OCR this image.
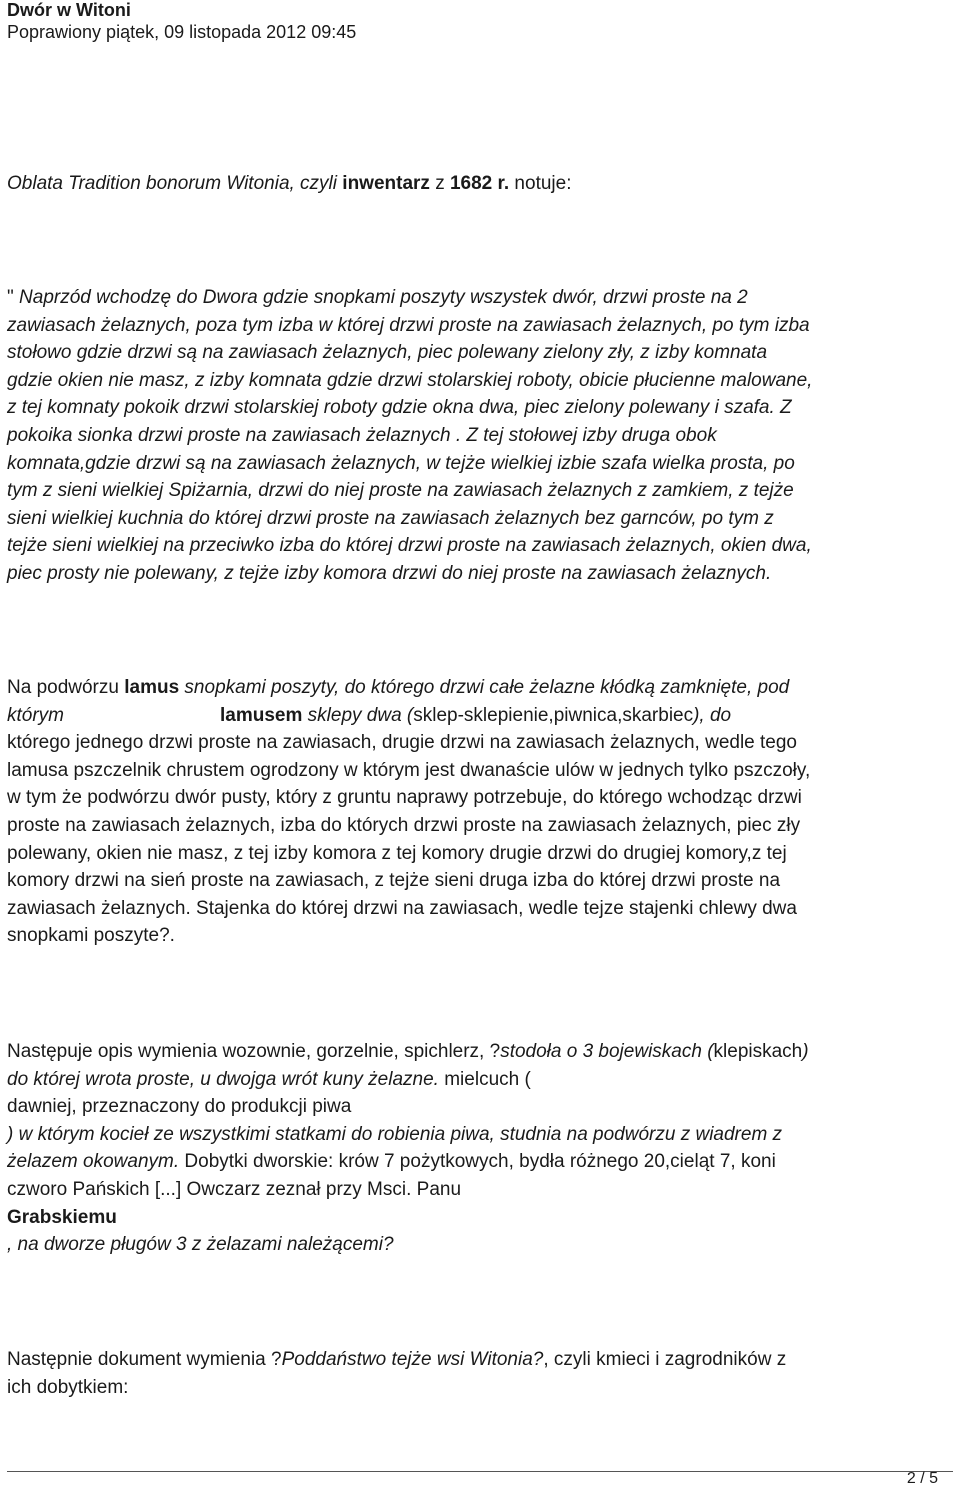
Dwór w Witoni
Poprawiony piątek, 09 listopada 2012 09:45
Oblata Tradition bonorum Witonia, czyli inwentarz z 1682 r. notuje:
" Naprzód wchodzę do Dwora gdzie snopkami poszyty wszystek dwór, drzwi proste na 2
zawiasach żelaznych, poza tym izba w której drzwi proste na zawiasach żelaznych, po tym izba
stołowo gdzie drzwi są na zawiasach żelaznych, piec polewany zielony zły, z izby komnata
gdzie okien nie masz, z izby komnata gdzie drzwi stolarskiej roboty, obicie płucienne malowane,
z tej komnaty pokoik drzwi stolarskiej roboty gdzie okna dwa, piec zielony polewany i szafa. Z
pokoika sionka drzwi proste na zawiasach żelaznych . Z tej stołowej izby druga obok
komnata,gdzie drzwi są na zawiasach żelaznych, w tejże wielkiej izbie szafa wielka prosta, po
tym z sieni wielkiej Spiżarnia, drzwi do niej proste na zawiasach żelaznych z zamkiem, z tejże
sieni wielkiej kuchnia do której drzwi proste na zawiasach żelaznych bez garnców, po tym z
tejże sieni wielkiej na przeciwko izba do której drzwi proste na zawiasach żelaznych, okien dwa,
piec prosty nie polewany, z tejże izby komora drzwi do niej proste na zawiasach żelaznych.
Na podwórzu lamus snopkami poszyty, do którego drzwi całe żelazne kłódką zamknięte, pod
którym	lamusem sklepy dwa (sklep-sklepienie,piwnica,skarbiec), do
którego jednego drzwi proste na zawiasach, drugie drzwi na zawiasach żelaznych, wedle tego
lamusa pszczelnik chrustem ogrodzony w którym jest dwanaście ulów w jednych tylko pszczoły,
w tym że podwórzu dwór pusty, który z gruntu naprawy potrzebuje, do którego wchodząc drzwi
proste na zawiasach żelaznych, izba do których drzwi proste na zawiasach żelaznych, piec zły
polewany, okien nie masz, z tej izby komora z tej komory drugie drzwi do drugiej komory,z tej
komory drzwi na sień proste na zawiasach, z tejże sieni druga izba do której drzwi proste na
zawiasach żelaznych. Stajenka do której drzwi na zawiasach, wedle tejze stajenki chlewy dwa
snopkami poszyte?.
Następuje opis wymienia wozownie, gorzelnie, spichlerz, ?stodoła o 3 bojewiskach (klepiskach)
do której wrota proste, u dwojga wrót kuny żelazne. mielcuch (
dawniej, przeznaczony do produkcji piwa
) w którym kocieł ze wszystkimi statkami do robienia piwa, studnia na podwórzu z wiadrem z
żelazem okowanym. Dobytki dworskie: krów 7 pożytkowych, bydła różnego 20,cieląt 7, koni
czworo Pańskich [...] Owczarz zeznał przy Msci. Panu
Grabskiemu
, na dworze pługów 3 z żelazami należącemi?
Następnie dokument wymienia ?Poddaństwo tejże wsi Witonia?, czyli kmieci i zagrodników z
ich dobytkiem:
2 / 5
